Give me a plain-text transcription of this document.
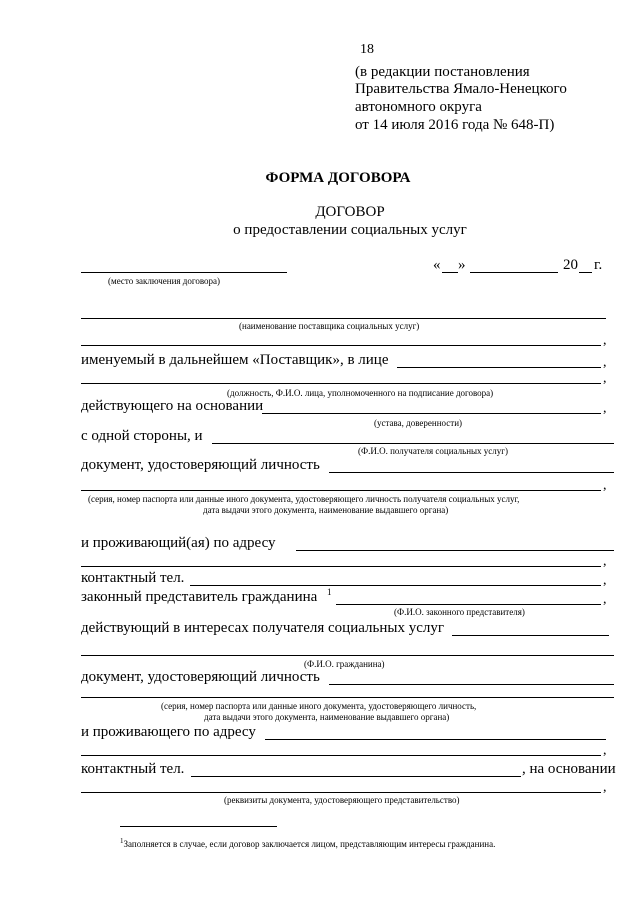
18
(в редакции постановления
Правительства Ямало-Ненецкого
автономного округа
от 14 июля 2016 года № 648-П)
ФОРМА ДОГОВОРА
ДОГОВОР
о предоставлении социальных услуг
(место заключения договора)
« »	20 г.
(наименование поставщика социальных услуг)
,
именуемый в дальнейшем «Поставщик», в лице	,
,
(должность, Ф.И.О. лица, уполномоченного на подписание договора)
действующего на основании	,
(устава, доверенности)
с одной стороны, и
(Ф.И.О. получателя социальных услуг)
документ, удостоверяющий личность
,
(серия, номер паспорта или данные иного документа, удостоверяющего личность получателя социальных услуг,
дата выдачи этого документа, наименование выдавшего органа)
и проживающий(ая) по адресу
,
контактный тел.	,
законный представитель гражданина 1	,
(Ф.И.О. законного представителя)
действующий в интересах получателя социальных услуг
(Ф.И.О. гражданина)
документ, удостоверяющий личность
(серия, номер паспорта или данные иного документа, удостоверяющего личность,
дата выдачи этого документа, наименование выдавшего органа)
и проживающего по адресу
,
контактный тел.	, на основании
,
(реквизиты документа, удостоверяющего представительство)
$^1$Заполняется в случае, если договор заключается лицом, представляющим интересы гражданина.
